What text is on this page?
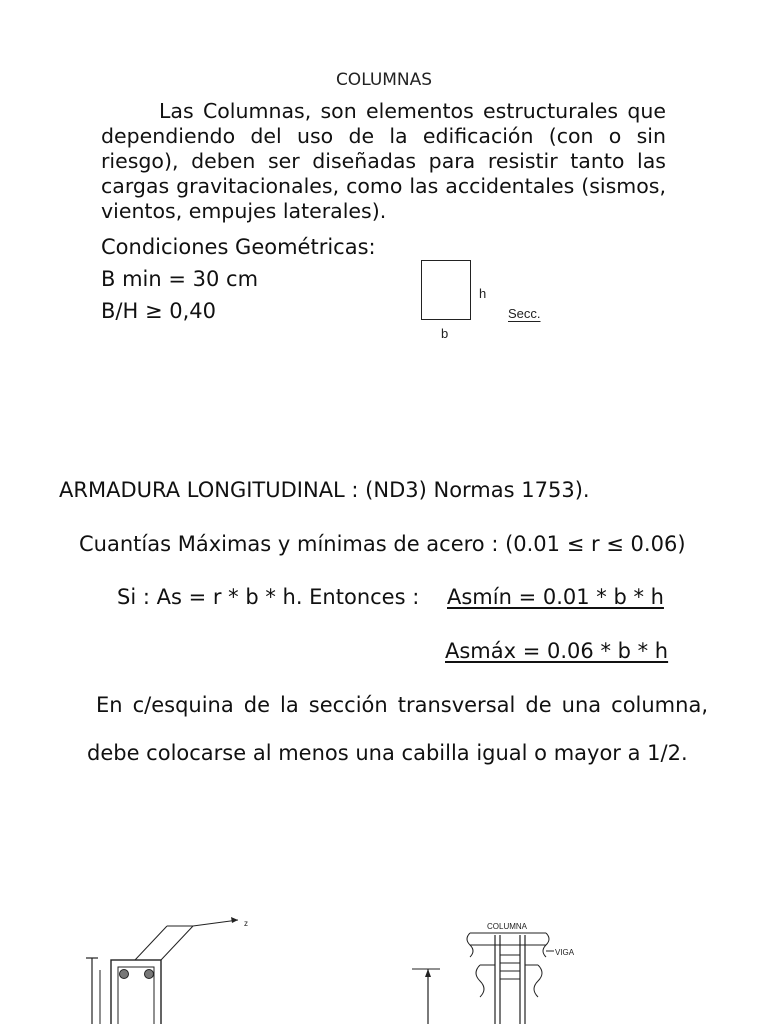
COLUMNAS
Las Columnas, son elementos estructurales que dependiendo del uso de la edificación (con o sin riesgo), deben ser diseñadas para resistir tanto las cargas gravitacionales, como las accidentales (sismos, vientos, empujes laterales).
Condiciones Geométricas:
B min = 30 cm
B/H ≥ 0,40
h
b
Secc.
ARMADURA LONGITUDINAL : (ND3) Normas 1753).
Cuantías Máximas y mínimas de acero : (0.01 ≤ r ≤ 0.06)
Si : As = r * b * h. Entonces : Asmín = 0.01 * b * h
Asmáx = 0.06 * b * h
En c/esquina de la sección transversal de una columna,
debe colocarse al menos una cabilla igual o mayor a 1/2.
z	COLUMNA
VIGA
